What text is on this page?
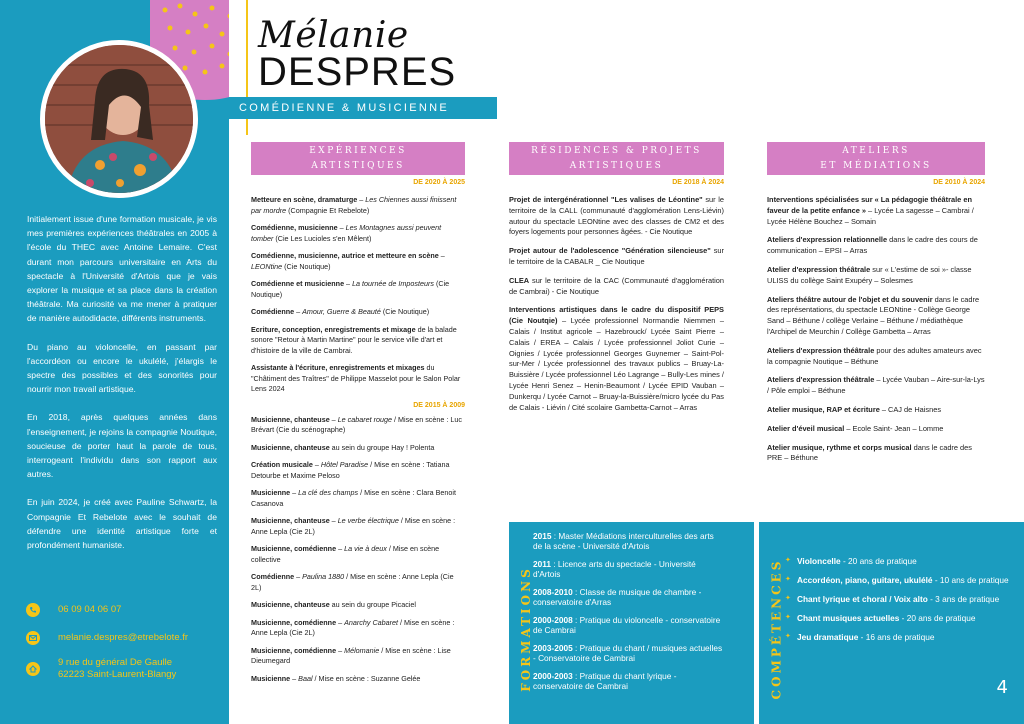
Initialement issue d'une formation musicale, je vis mes premières expériences théâtrales en 2005 à l'école du THEC avec Antoine Lemaire. C'est durant mon parcours universitaire en Arts du spectacle à l'Université d'Artois que je vais explorer la musique et sa place dans la création théâtrale. Ma curiosité va me mener à pratiquer de manière autodidacte, différents instruments.

Du piano au violoncelle, en passant par l'accordéon ou encore le ukulélé, j'élargis le spectre des possibles et des sonorités pour nourrir mon travail artistique.

En 2018, après quelques années dans l'enseignement, je rejoins la compagnie Noutique, soucieuse de porter haut la parole de tous, interrogeant l'individu dans son rapport aux autres.

En juin 2024, je créé avec Pauline Schwartz, la Compagnie Et Rebelote avec le souhait de défendre une identité artistique forte et profondément humaniste.

06 09 04 06 07
melanie.despres@etrebelote.fr
9 rue du général De Gaulle
62223 Saint-Laurent-Blangy
Mélanie
DESPRES
COMÉDIENNE & MUSICIENNE
EXPÉRIENCES
ARTISTIQUES
DE 2020 À 2025
Metteure en scène, dramaturge – Les Chiennes aussi finissent par mordre (Compagnie Et Rebelote)
Comédienne, musicienne – Les Montagnes aussi peuvent tomber (Cie Les Lucioles s'en Mêlent)
Comédienne, musicienne, autrice et metteure en scène – LEONtine (Cie Noutique)
Comédienne et musicienne – La tournée de Imposteurs (Cie Noutique)
Comédienne – Amour, Guerre & Beauté (Cie Noutique)
Ecriture, conception, enregistrements et mixage de la balade sonore "Retour à Martin Martine" pour le service ville d'art et d'histoire de la ville de Cambrai.
Assistante à l'écriture, enregistrements et mixages du "Châtiment des Traîtres" de Philippe Masselot pour le Salon Polar Lens 2024
DE 2015 À 2009
Musicienne, chanteuse – Le cabaret rouge / Mise en scène : Luc Brévart (Cie du scénographe)
Musicienne, chanteuse au sein du groupe Hay ! Polenta
Création musicale – Hôtel Paradise / Mise en scène : Tatiana Detourbe et Maxime Peloso
Musicienne – La clé des champs / Mise en scène : Clara Benoit Casanova
Musicienne, chanteuse – Le verbe électrique / Mise en scène : Anne Lepla (Cie 2L)
Musicienne, comédienne – La vie à deux / Mise en scène collective
Comédienne – Paulina 1880 / Mise en scène : Anne Lepla (Cie 2L)
Musicienne, chanteuse au sein du groupe Picaciel
Musicienne, comédienne – Anarchy Cabaret / Mise en scène : Anne Lepla (Cie 2L)
Musicienne, comédienne – Mélomanie / Mise en scène : Lise Dieumegard
Musicienne – Baal / Mise en scène : Suzanne Gelée
RÉSIDENCES & PROJETS
ARTISTIQUES
DE 2018 À 2024
Projet de intergénérationnel "Les valises de Léontine" sur le territoire de la CALL (communauté d'agglomération Lens-Liévin) autour du spectacle LEONtine avec des classes de CM2 et des foyers logements pour personnes âgées. - Cie Noutique
Projet autour de l'adolescence "Génération silencieuse" sur le territoire de la CABALR _ Cie Noutique
CLEA sur le territoire de la CAC (Communauté d'agglomération de Cambrai) - Cie Noutique
Interventions artistiques dans le cadre du dispositif PEPS (Cie Noutqie) – Lycée professionnel Normandie Niemmen – Calais / Institut agricole – Hazebrouck/ Lycée Saint Pierre – Calais / EREA – Calais / Lycée professionnel Joliot Curie – Oignies / Lycée professionnel Georges Guynemer – Saint-Pol-sur-Mer / Lycée professionnel des travaux publics – Bruay-La-Buissière / Lycée professionnel Léo Lagrange – Bully-Les mines / Lycée Henri Senez – Henin-Beaumont / Lycée EPID Vauban – Dunkerqu / Lycée Carnot – Bruay-la-Buissière/micro lycée du Pas de Calais - Liévin / Cité scolaire Gambetta-Carnot – Arras
ATELIERS
ET MÉDIATIONS
DE 2010 À 2024
Interventions spécialisées sur « La pédagogie théâtrale en faveur de la petite enfance » – Lycée La sagesse – Cambrai / Lycée Hélène Bouchez – Somain
Ateliers d'expression relationnelle dans le cadre des cours de communication – EPSI – Arras
Atelier d'expression théâtrale sur « L'estime de soi »- classe ULISS du collège Saint Exupéry – Solesmes
Ateliers théâtre autour de l'objet et du souvenir dans le cadre des représentations, du spectacle LEONtine - Collège George Sand – Béthune / collège Verlaine – Béthune / médiathèque l'Archipel de Meurchin / Collège Gambetta – Arras
Ateliers d'expression théâtrale pour des adultes amateurs avec la compagnie Noutique – Béthune
Ateliers d'expression théâtrale – Lycée Vauban – Aire-sur-la-Lys / Pôle emploi – Béthune
Atelier musique, RAP et écriture – CAJ de Haisnes
Atelier d'éveil musical – Ecole Saint- Jean – Lomme
Atelier musique, rythme et corps musical dans le cadre des PRE – Béthune
FORMATIONS
2015 : Master Médiations interculturelles des arts de la scène - Université d'Artois
2011 : Licence arts du spectacle - Université d'Artois
2008-2010 : Classe de musique de chambre - conservatoire d'Arras
2000-2008 : Pratique du violoncelle - conservatoire de Cambrai
2003-2005 : Pratique du chant / musiques actuelles - Conservatoire de Cambrai
2000-2003 : Pratique du chant lyrique - conservatoire de Cambrai	COMPÉTENCES ✦ Violoncelle - 20 ans de pratique
✦ Accordéon, piano, guitare, ukulélé - 10 ans de pratique
✦ Chant lyrique et choral / Voix alto - 3 ans de pratique
✦ Chant musiques actuelles - 20 ans de pratique
✦ Jeu dramatique - 16 ans de pratique
4
